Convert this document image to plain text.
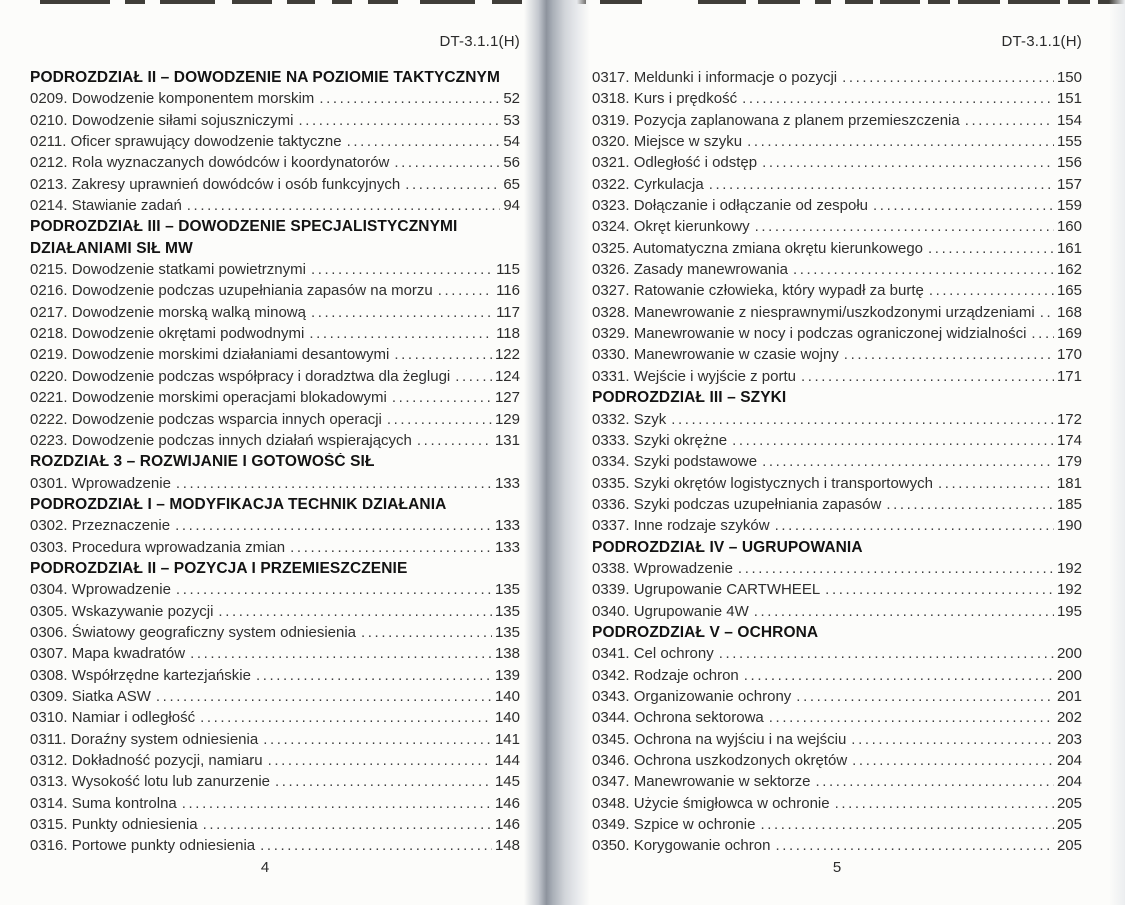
DT-3.1.1(H)	DT-3.1.1(H)
PODROZDZIAŁ II – DOWODZENIE NA POZIOMIE TAKTYCZNYM
0209. Dowodzenie komponentem morskim .....	52
0210. Dowodzenie siłami sojuszniczymi .....	53
0211. Oficer sprawujący dowodzenie taktyczne .....	54
0212. Rola wyznaczanych dowódców i koordynatorów .....	56
0213. Zakresy uprawnień dowódców i osób funkcyjnych .....	65
0214. Stawianie zadań .....	94
PODROZDZIAŁ III – DOWODZENIE SPECJALISTYCZNYMI
DZIAŁANIAMI SIŁ MW
0215. Dowodzenie statkami powietrznymi .....	115
0216. Dowodzenie podczas uzupełniania zapasów na morzu .....	116
0217. Dowodzenie morską walką minową .....	117
0218. Dowodzenie okrętami podwodnymi .....	118
0219. Dowodzenie morskimi działaniami desantowymi .....	122
0220. Dowodzenie podczas współpracy i doradztwa dla żeglugi .....	124
0221. Dowodzenie morskimi operacjami blokadowymi .....	127
0222. Dowodzenie podczas wsparcia innych operacji .....	129
0223. Dowodzenie podczas innych działań wspierających .....	131
ROZDZIAŁ 3 – ROZWIJANIE I GOTOWOŚĆ SIŁ
0301. Wprowadzenie .....	133
PODROZDZIAŁ I – MODYFIKACJA TECHNIK DZIAŁANIA
0302. Przeznaczenie .....	133
0303. Procedura wprowadzania zmian .....	133
PODROZDZIAŁ II – POZYCJA I PRZEMIESZCZENIE
0304. Wprowadzenie .....	135
0305. Wskazywanie pozycji .....	135
0306. Światowy geograficzny system odniesienia .....	135
0307. Mapa kwadratów .....	138
0308. Współrzędne kartezjańskie .....	139
0309. Siatka ASW .....	140
0310. Namiar i odległość .....	140
0311. Doraźny system odniesienia .....	141
0312. Dokładność pozycji, namiaru .....	144
0313. Wysokość lotu lub zanurzenie .....	145
0314. Suma kontrolna .....	146
0315. Punkty odniesienia .....	146
0316. Portowe punkty odniesienia .....	148
0317. Meldunki i informacje o pozycji .....	150
0318. Kurs i prędkość .....	151
0319. Pozycja zaplanowana z planem przemieszczenia .....	154
0320. Miejsce w szyku .....	155
0321. Odległość i odstęp .....	156
0322. Cyrkulacja .....	157
0323. Dołączanie i odłączanie od zespołu .....	159
0324. Okręt kierunkowy .....	160
0325. Automatyczna zmiana okrętu kierunkowego .....	161
0326. Zasady manewrowania .....	162
0327. Ratowanie człowieka, który wypadł za burtę .....	165
0328. Manewrowanie z niesprawnymi/uszkodzonymi urządzeniami ..... 168
0329. Manewrowanie w nocy i podczas ograniczonej widzialności ..... 169
0330. Manewrowanie w czasie wojny .....	170
0331. Wejście i wyjście z portu .....	171
PODROZDZIAŁ III – SZYKI
0332. Szyk .....	172
0333. Szyki okrężne .....	174
0334. Szyki podstawowe .....	179
0335. Szyki okrętów logistycznych i transportowych .....	181
0336. Szyki podczas uzupełniania zapasów .....	185
0337. Inne rodzaje szyków .....	190
PODROZDZIAŁ IV – UGRUPOWANIA
0338. Wprowadzenie .....	192
0339. Ugrupowanie CARTWHEEL .....	192
0340. Ugrupowanie 4W .....	195
PODROZDZIAŁ V – OCHRONA
0341. Cel ochrony .....	200
0342. Rodzaje ochron .....	200
0343. Organizowanie ochrony .....	201
0344. Ochrona sektorowa .....	202
0345. Ochrona na wyjściu i na wejściu .....	203
0346. Ochrona uszkodzonych okrętów .....	204
0347. Manewrowanie w sektorze .....	204
0348. Użycie śmigłowca w ochronie .....	205
0349. Szpice w ochronie .....	205
0350. Korygowanie ochron .....	205
4	5
